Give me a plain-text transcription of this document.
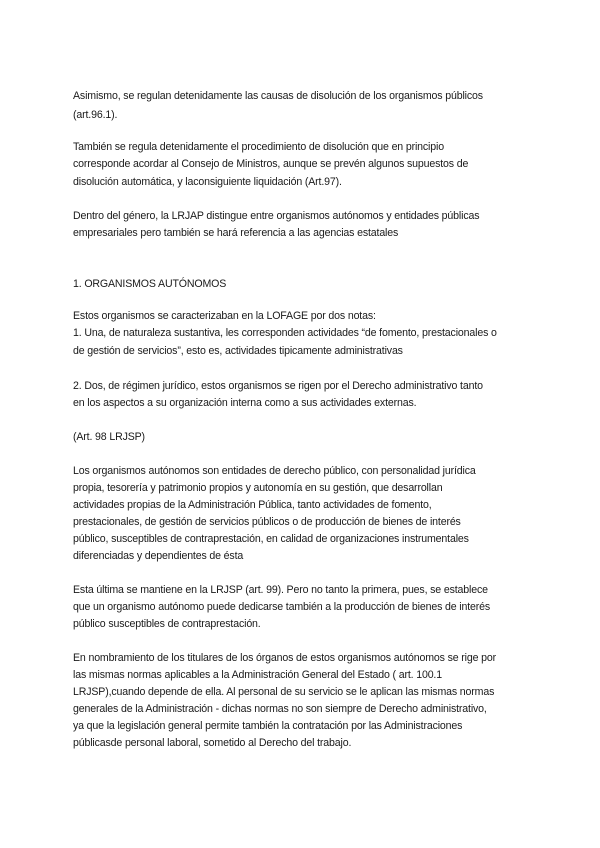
Asimismo, se regulan detenidamente las causas de disolución de los organismos públicos
(art.96.1).
También se regula detenidamente el procedimiento de disolución que en principio
corresponde acordar al Consejo de Ministros, aunque se prevén algunos supuestos de
disolución automática, y laconsiguiente liquidación (Art.97).
Dentro del género, la LRJAP distingue entre organismos autónomos y entidades públicas
empresariales pero también se hará referencia a las agencias estatales
1. ORGANISMOS AUTÓNOMOS
Estos organismos se caracterizaban en la LOFAGE por dos notas:
1. Una, de naturaleza sustantiva, les corresponden actividades “de fomento, prestacionales o
de gestión de servicios”, esto es, actividades tipicamente administrativas
2. Dos, de régimen jurídico, estos organismos se rigen por el Derecho administrativo tanto
en los aspectos a su organización interna como a sus actividades externas.
(Art. 98 LRJSP)
Los organismos autónomos son entidades de derecho público, con personalidad jurídica
propia, tesorería y patrimonio propios y autonomía en su gestión, que desarrollan
actividades propias de la Administración Pública, tanto actividades de fomento,
prestacionales, de gestión de servicios públicos o de producción de bienes de interés
público, susceptibles de contraprestación, en calidad de organizaciones instrumentales
diferenciadas y dependientes de ésta
Esta última se mantiene en la LRJSP (art. 99). Pero no tanto la primera, pues, se establece
que un organismo autónomo puede dedicarse también a la producción de bienes de interés
público susceptibles de contraprestación.
En nombramiento de los titulares de los órganos de estos organismos autónomos se rige por
las mismas normas aplicables a la Administración General del Estado ( art. 100.1
LRJSP),cuando depende de ella. Al personal de su servicio se le aplican las mismas normas
generales de la Administración - dichas normas no son siempre de Derecho administrativo,
ya que la legislación general permite también la contratación por las Administraciones
públicasde personal laboral, sometido al Derecho del trabajo.
